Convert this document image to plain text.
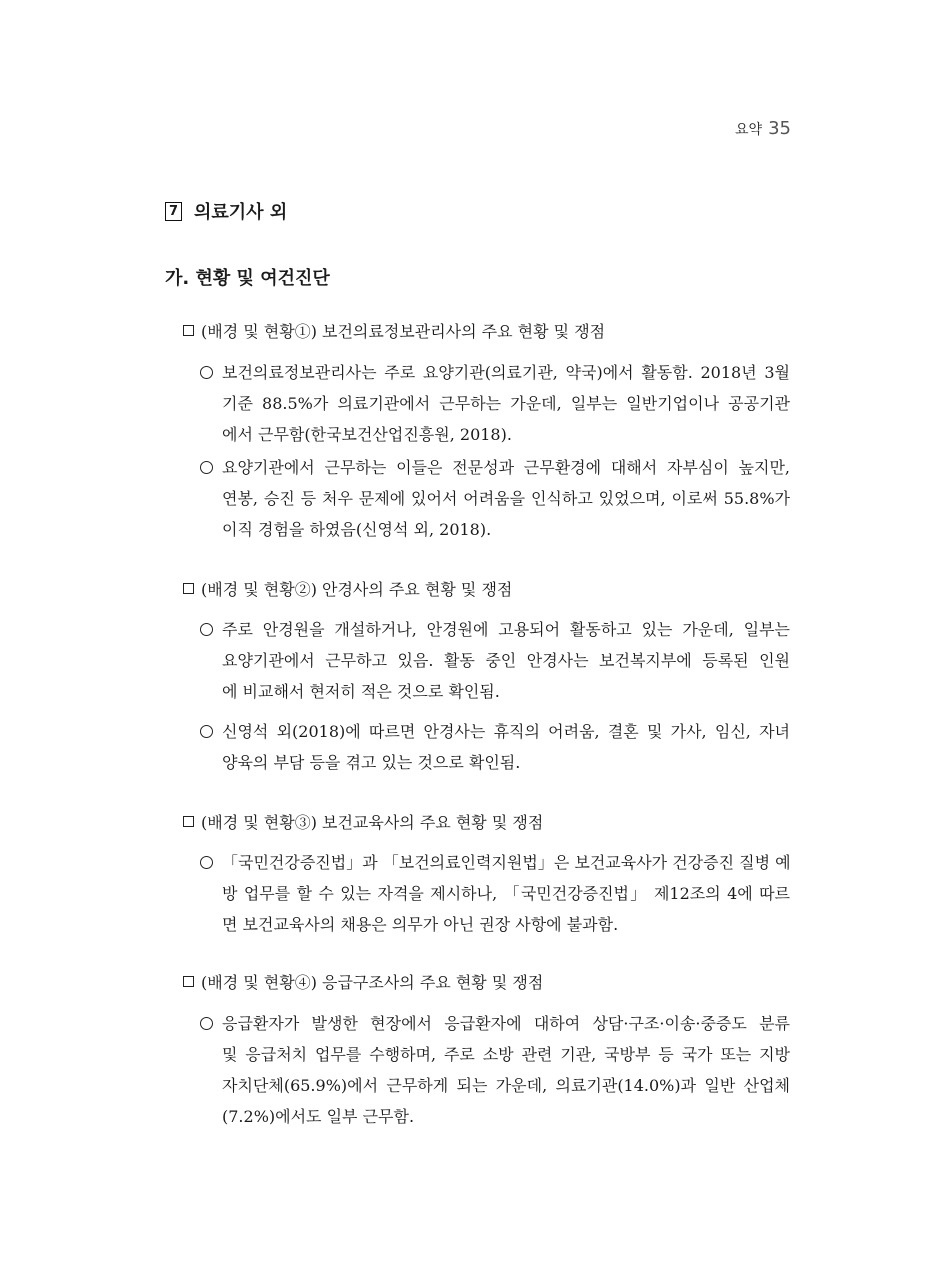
요약 35
7 의료기사 외
가. 현황 및 여건진단
(배경 및 현황①) 보건의료정보관리사의 주요 현황 및 쟁점
보건의료정보관리사는 주로 요양기관(의료기관, 약국)에서 활동함. 2018년 3월
기준 88.5%가 의료기관에서 근무하는 가운데, 일부는 일반기업이나 공공기관
에서 근무함(한국보건산업진흥원, 2018).
요양기관에서 근무하는 이들은 전문성과 근무환경에 대해서 자부심이 높지만,
연봉, 승진 등 처우 문제에 있어서 어려움을 인식하고 있었으며, 이로써 55.8%가
이직 경험을 하였음(신영석 외, 2018).
(배경 및 현황②) 안경사의 주요 현황 및 쟁점
주로 안경원을 개설하거나, 안경원에 고용되어 활동하고 있는 가운데, 일부는
요양기관에서 근무하고 있음. 활동 중인 안경사는 보건복지부에 등록된 인원
에 비교해서 현저히 적은 것으로 확인됨.
신영석 외(2018)에 따르면 안경사는 휴직의 어려움, 결혼 및 가사, 임신, 자녀
양육의 부담 등을 겪고 있는 것으로 확인됨.
(배경 및 현황③) 보건교육사의 주요 현황 및 쟁점
「국민건강증진법」과 「보건의료인력지원법」은 보건교육사가 건강증진 질병 예
방 업무를 할 수 있는 자격을 제시하나, 「국민건강증진법」 제12조의 4에 따르
면 보건교육사의 채용은 의무가 아닌 권장 사항에 불과함.
(배경 및 현황④) 응급구조사의 주요 현황 및 쟁점
응급환자가 발생한 현장에서 응급환자에 대하여 상담·구조·이송·중증도 분류
및 응급처치 업무를 수행하며, 주로 소방 관련 기관, 국방부 등 국가 또는 지방
자치단체(65.9%)에서 근무하게 되는 가운데, 의료기관(14.0%)과 일반 산업체
(7.2%)에서도 일부 근무함.
